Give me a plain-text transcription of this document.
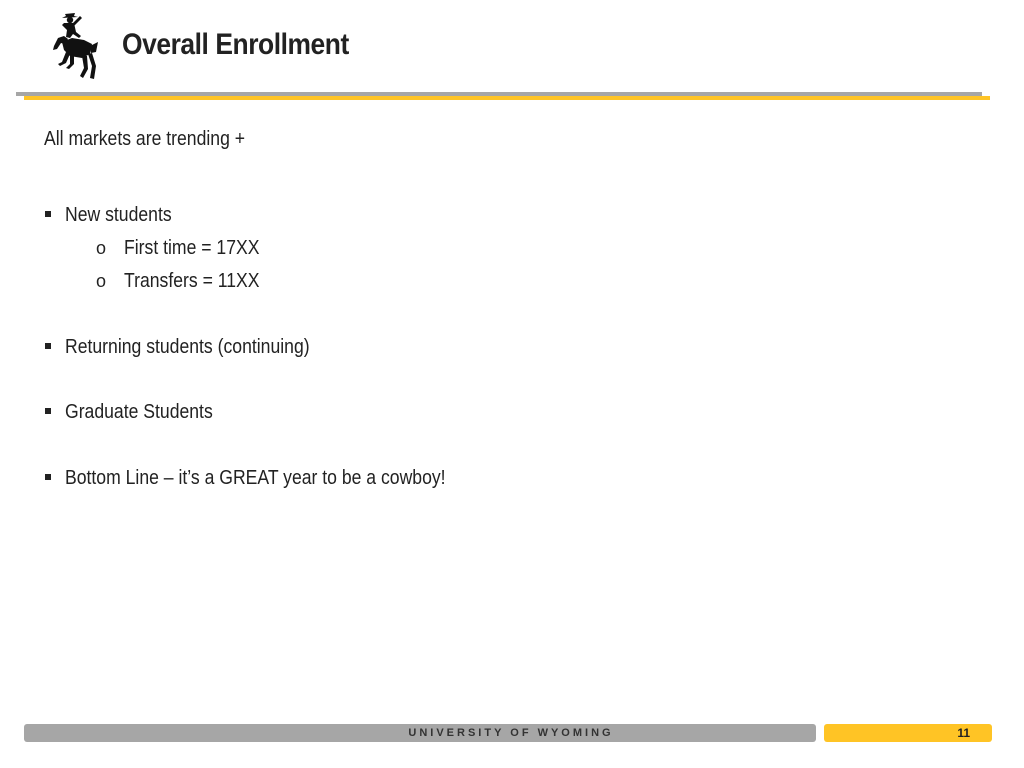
Overall Enrollment
All markets are trending +
New students
o First time = 17XX
o Transfers = 11XX
Returning students (continuing)
Graduate Students
Bottom Line – it’s a GREAT year to be a cowboy!
UNIVERSITY OF WYOMING	11
